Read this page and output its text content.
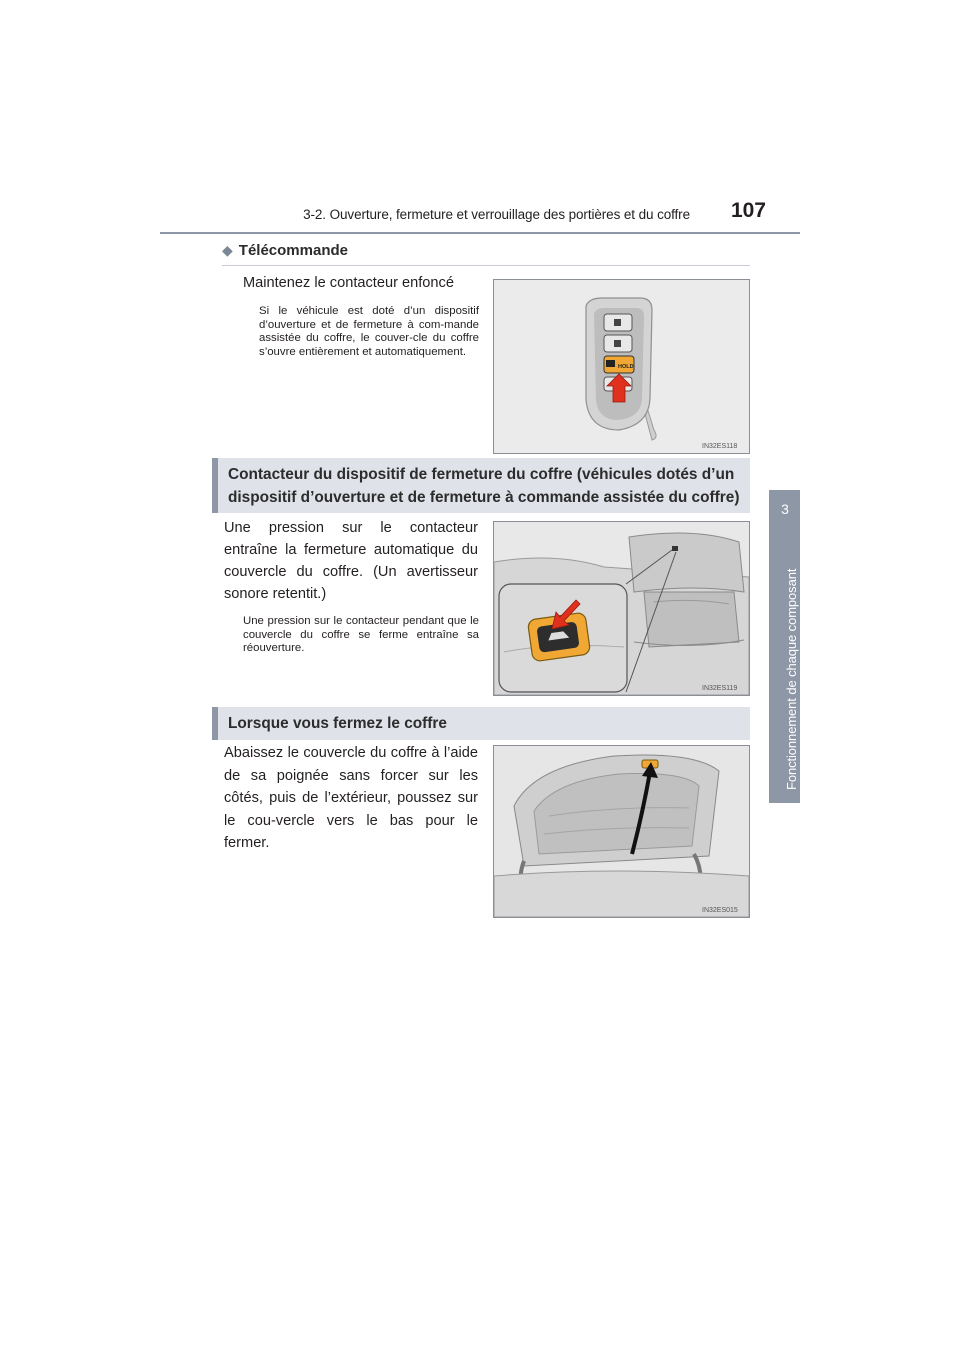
3-2. Ouverture, fermeture et verrouillage des portières et du coffre	107
3
Fonctionnement de chaque composant
◆ Télécommande
Maintenez le contacteur enfoncé
Si le véhicule est doté d’un dispositif d’ouverture et de fermeture à com-mande assistée du coffre, le couver-cle du coffre s’ouvre entièrement et automatiquement.
HOLD
IN32ES118
Contacteur du dispositif de fermeture du coffre (véhicules dotés d’un dispositif d’ouverture et de fermeture à commande assistée du coffre)
Une pression sur le contacteur entraîne la fermeture automatique du couvercle du coffre. (Un avertisseur sonore retentit.)
Une pression sur le contacteur pendant que le couvercle du coffre se ferme entraîne sa réouverture.
IN32ES119
Lorsque vous fermez le coffre
Abaissez le couvercle du coffre à l’aide de sa poignée sans forcer sur les côtés, puis de l’extérieur, poussez sur le cou-vercle vers le bas pour le fermer.
IN32ES015
